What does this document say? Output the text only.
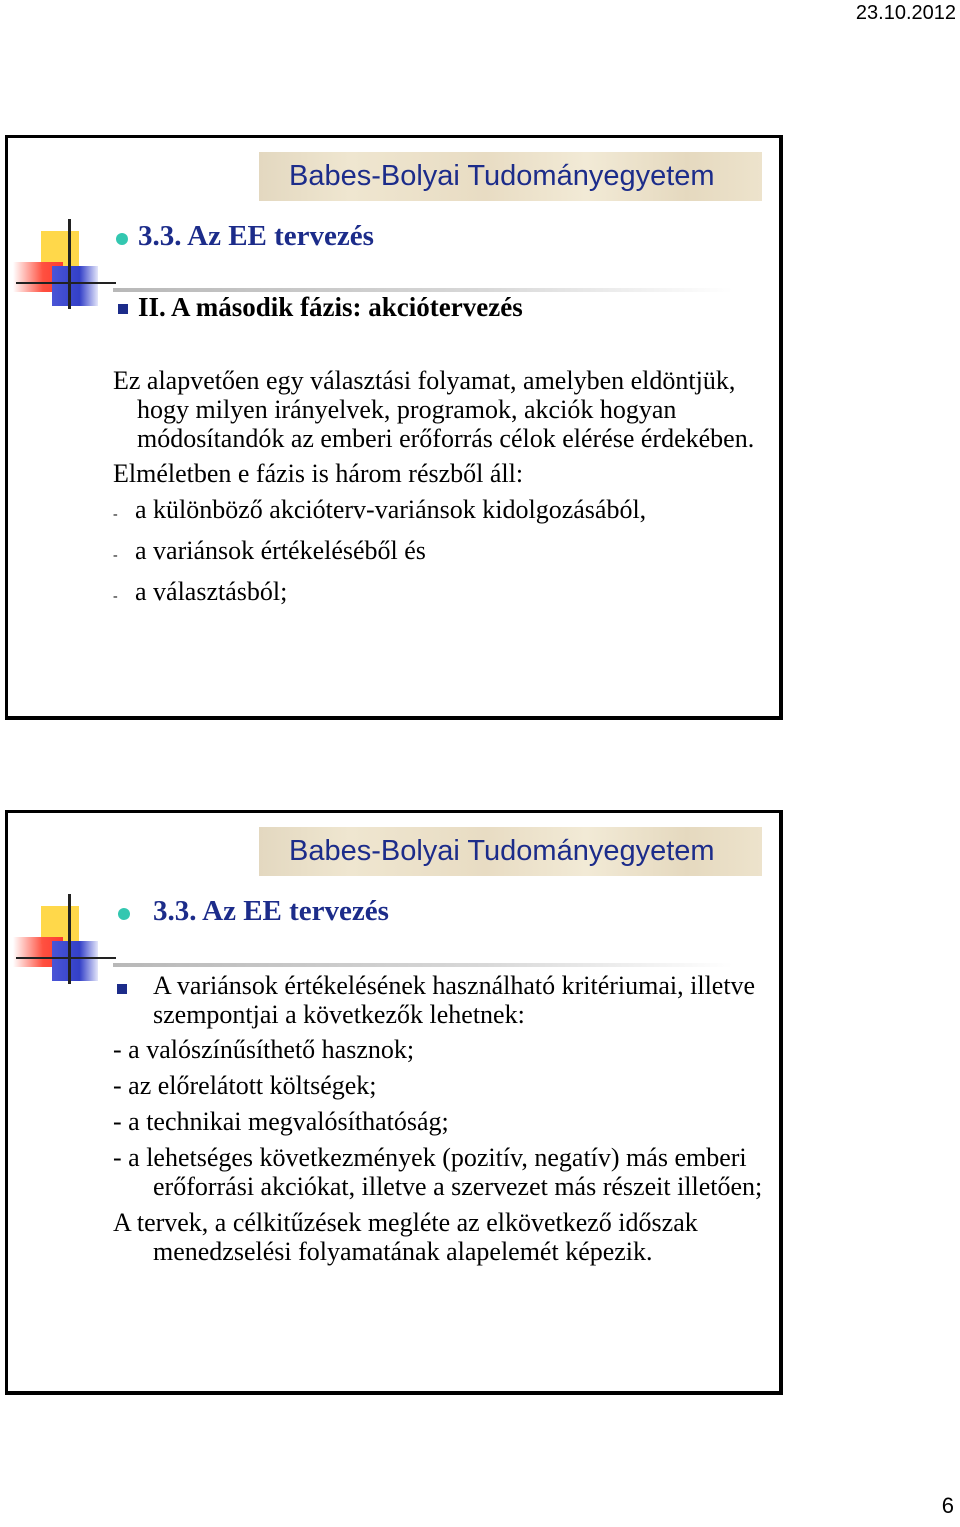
23.10.2012
Babes-Bolyai Tudományegyetem
3.3. Az EE tervezés
II. A második fázis: akciótervezés

Ez alapvetően egy választási folyamat, amelyben eldöntjük, hogy milyen irányelvek, programok, akciók hogyan módosítandók az emberi erőforrás célok elérése érdekében.

Elméletben e fázis is három részből áll:

- a különböző akcióterv-variánsok kidolgozásából,
- a variánsok értékeléséből és
- a választásból;
Babes-Bolyai Tudományegyetem
3.3. Az EE tervezés
A variánsok értékelésének használható kritériumai, illetve szempontjai a következők lehetnek:

- a valószínűsíthető hasznok;

- az előrelátott költségek;

- a technikai megvalósíthatóság;

- a lehetséges következmények (pozitív, negatív) más emberi erőforrási akciókat, illetve a szervezet más részeit illetően;

A tervek, a célkitűzések megléte az elkövetkező időszak menedzselési folyamatának alapelemét képezik.

6
